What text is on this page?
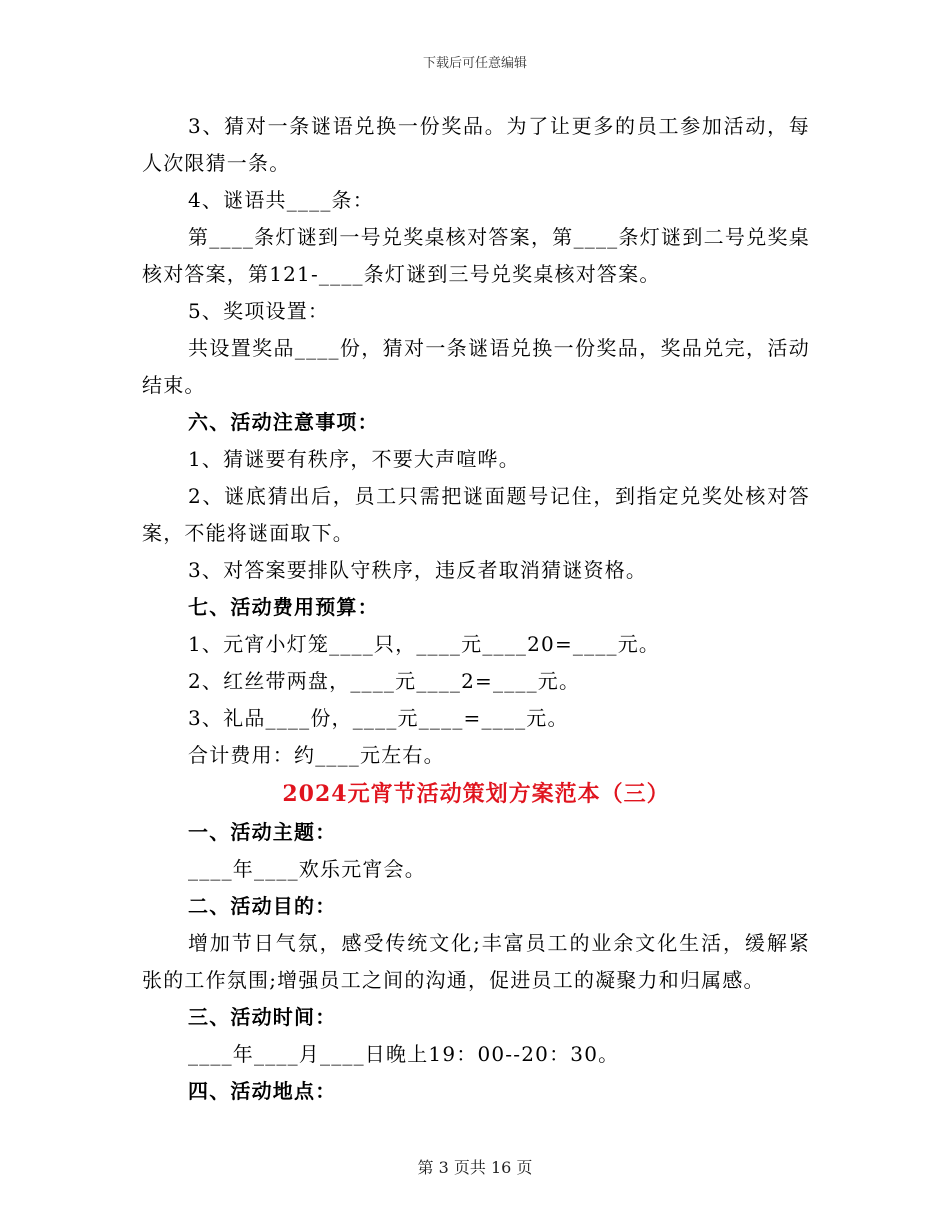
下载后可任意编辑

3、猜对一条谜语兑换一份奖品。为了让更多的员工参加活动，每人次限猜一条。

4、谜语共____条：

第____条灯谜到一号兑奖桌核对答案，第____条灯谜到二号兑奖桌核对答案，第121-____条灯谜到三号兑奖桌核对答案。

5、奖项设置：

共设置奖品____份，猜对一条谜语兑换一份奖品，奖品兑完，活动结束。

六、活动注意事项：

1、猜谜要有秩序，不要大声喧哗。

2、谜底猜出后，员工只需把谜面题号记住，到指定兑奖处核对答案，不能将谜面取下。

3、对答案要排队守秩序，违反者取消猜谜资格。

七、活动费用预算：

1、元宵小灯笼____只，____元____20=____元。

2、红丝带两盘，____元____2=____元。

3、礼品____份，____元____=____元。

合计费用：约____元左右。

2024元宵节活动策划方案范本（三）

一、活动主题：

____年____欢乐元宵会。

二、活动目的：

增加节日气氛，感受传统文化;丰富员工的业余文化生活，缓解紧张的工作氛围;增强员工之间的沟通，促进员工的凝聚力和归属感。

三、活动时间：

____年____月____日晚上19：00--20：30。

四、活动地点：

第 3 页共 16 页
